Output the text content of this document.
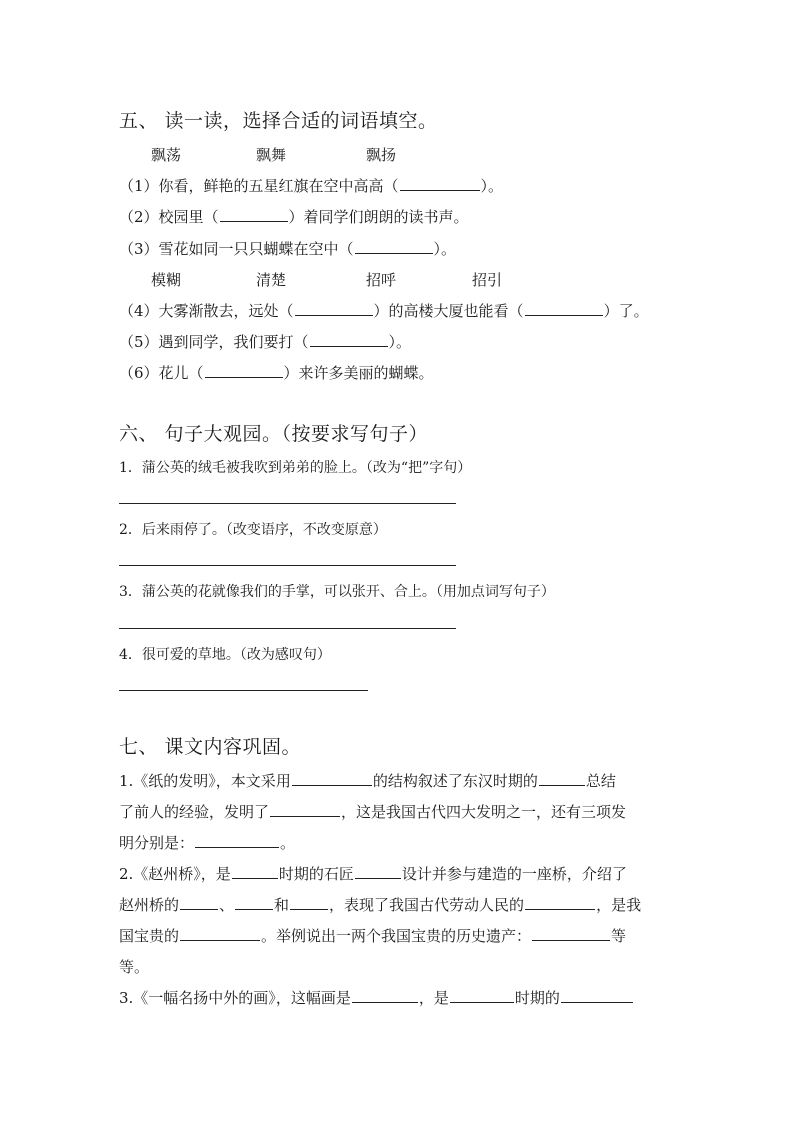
五、 读一读，选择合适的词语填空。
飘荡	飘舞	飘扬
（1）你看，鲜艳的五星红旗在空中高高（	）。
（2）校园里（	）着同学们朗朗的读书声。
（3）雪花如同一只只蝴蝶在空中（	）。
模糊	清楚	招呼	招引
（4）大雾渐散去，远处（	）的高楼大厦也能看（	）了。
（5）遇到同学，我们要打（	）。
（6）花儿（	）来许多美丽的蝴蝶。
六、 句子大观园。（按要求写句子）
1．蒲公英的绒毛被我吹到弟弟的脸上。（改为“把”字句）
2．后来雨停了。（改变语序，不改变原意）
3．蒲公英的花就像我们的手掌，可以张开、合上。（用加点词写句子）
4．很可爱的草地。（改为感叹句）
七、 课文内容巩固。
1.《纸的发明》，本文采用	的结构叙述了东汉时期的	总结
了前人的经验，发明了	，这是我国古代四大发明之一，还有三项发
明分别是：	。
2.《赵州桥》，是	时期的石匠	设计并参与建造的一座桥，介绍了
赵州桥的	、	和	，表现了我国古代劳动人民的	，是我
国宝贵的	。举例说出一两个我国宝贵的历史遗产：	等
等。
3.《一幅名扬中外的画》，这幅画是	，是	时期的
